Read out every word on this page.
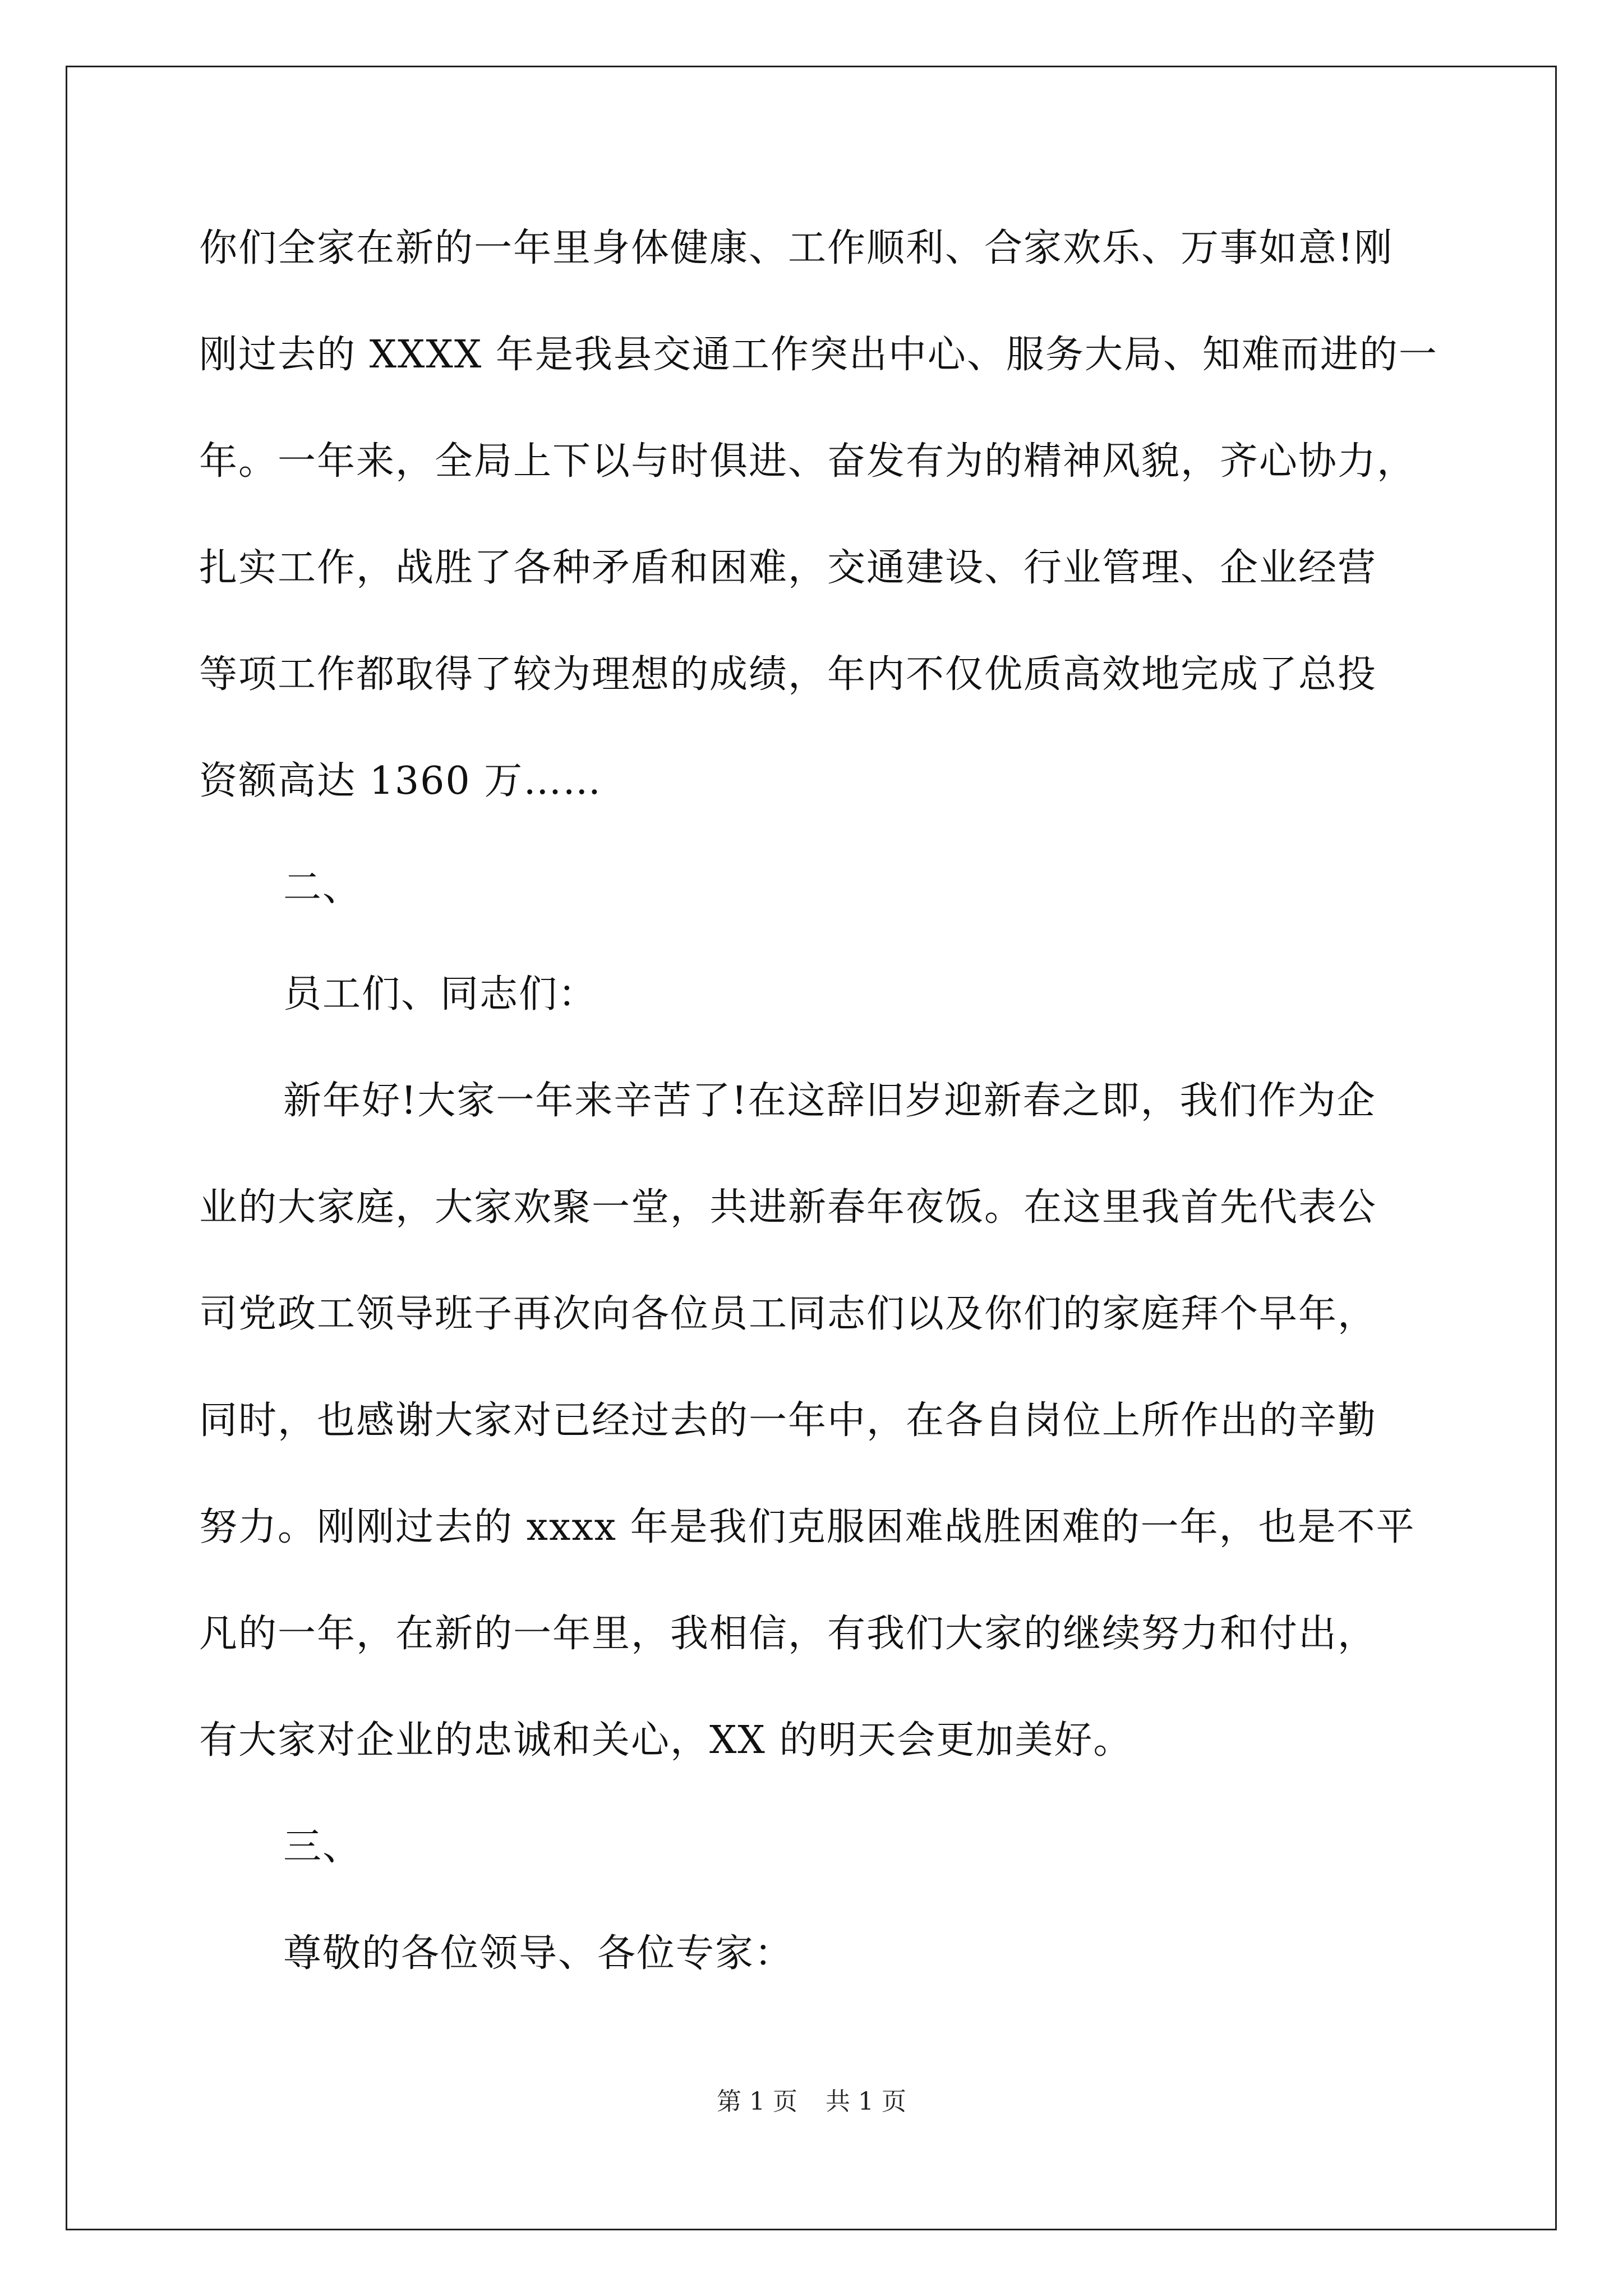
你们全家在新的一年里身体健康、工作顺利、合家欢乐、万事如意!刚
刚过去的 XXXX 年是我县交通工作突出中心、服务大局、知难而进的一
年。一年来，全局上下以与时俱进、奋发有为的精神风貌，齐心协力，
扎实工作，战胜了各种矛盾和困难，交通建设、行业管理、企业经营
等项工作都取得了较为理想的成绩，年内不仅优质高效地完成了总投
资额高达 1360 万……
二、
员工们、同志们：
新年好!大家一年来辛苦了!在这辞旧岁迎新春之即，我们作为企
业的大家庭，大家欢聚一堂，共进新春年夜饭。在这里我首先代表公
司党政工领导班子再次向各位员工同志们以及你们的家庭拜个早年，
同时，也感谢大家对已经过去的一年中，在各自岗位上所作出的辛勤
努力。刚刚过去的 xxxx 年是我们克服困难战胜困难的一年，也是不平
凡的一年，在新的一年里，我相信，有我们大家的继续努力和付出，
有大家对企业的忠诚和关心，XX 的明天会更加美好。
三、
尊敬的各位领导、各位专家：
第 1 页 共 1 页
